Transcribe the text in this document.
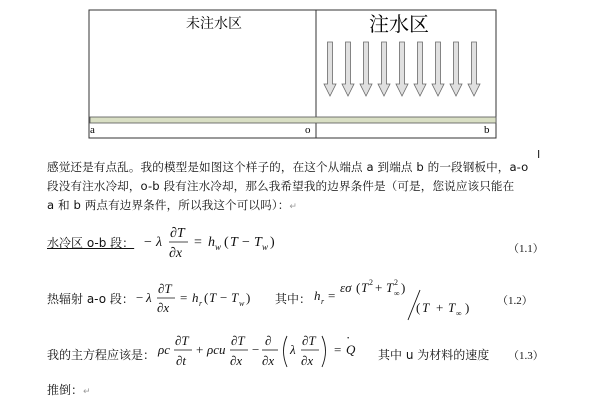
未注水区	注水区
a	o	b
I
感觉还是有点乱。我的模型是如图这个样子的，在这个从端点 a 到端点 b 的一段钢板中，a-o
段没有注水冷却，o-b 段有注水冷却，那么我希望我的边界条件是（可是，您说应该只能在
a 和 b 两点有边界条件，所以我这个可以吗）：↵
水冷区 o-b 段： − λ
∂T
∂x
= h w ( T − T w )	（1.1）
热辐射 a-o 段： − λ
∂T
∂x
= h r ( T − T w ) 其中： h r =
εσ ( T 2 + T ∞
2 )
( T + T ∞ )	（1.2）
我的主方程应该是： ρc
∂T
∂t
+ ρcu
∂T
∂x
−
∂
∂x
λ
∂T
∂x
= Q
·
其中 u 为材料的速度 （1.3）
推倒：↵
